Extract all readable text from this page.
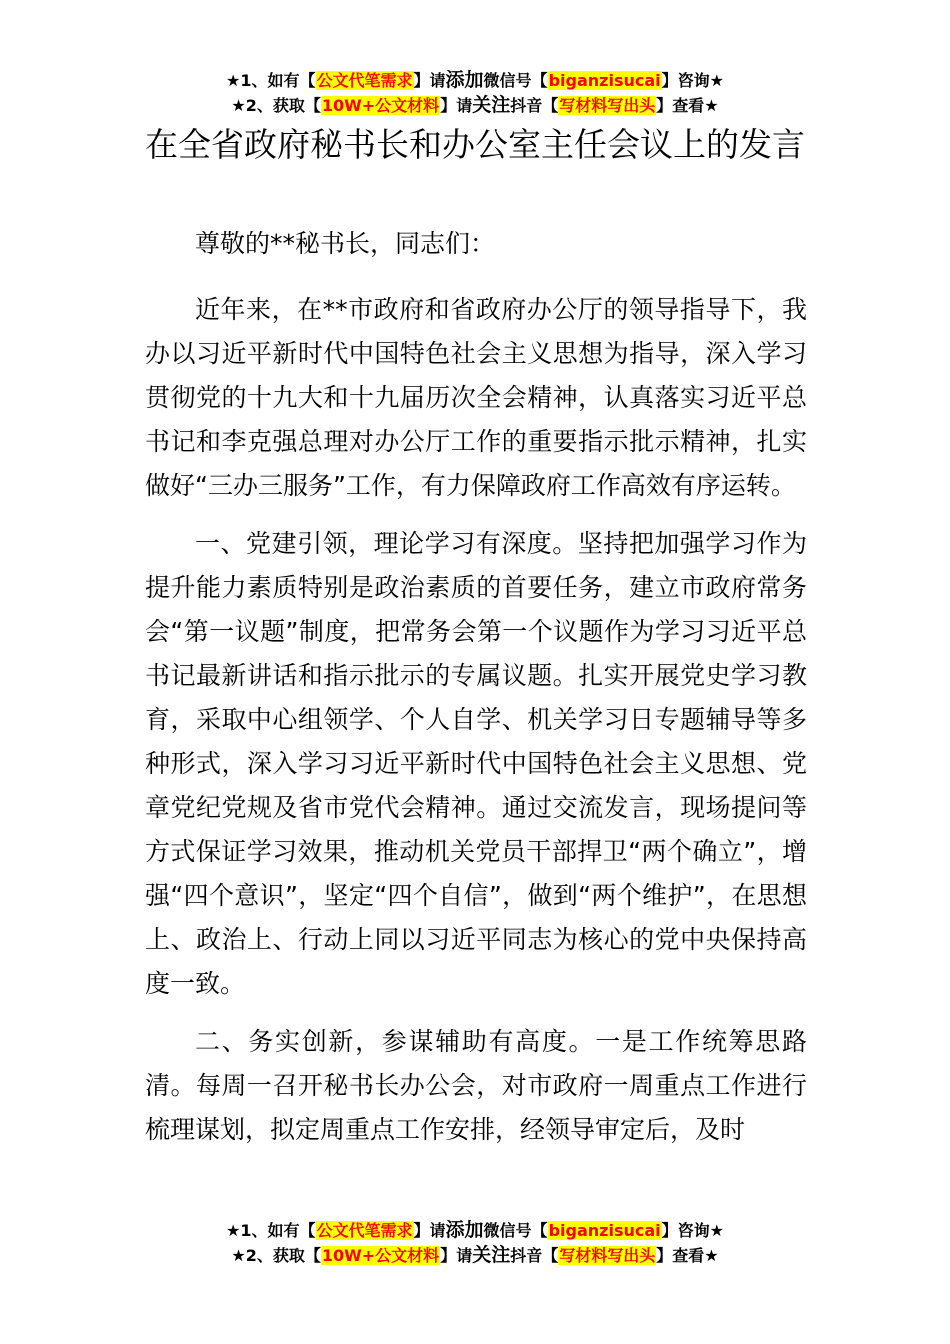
★1、如有【公文代笔需求】请添加微信号【biganzisucai】咨询★
★2、获取【10W+公文材料】请关注抖音【写材料写出头】查看★
在全省政府秘书长和办公室主任会议上的发言

尊敬的**秘书长，同志们：

近年来，在**市政府和省政府办公厅的领导指导下，我办以习近平新时代中国特色社会主义思想为指导，深入学习贯彻党的十九大和十九届历次全会精神，认真落实习近平总书记和李克强总理对办公厅工作的重要指示批示精神，扎实做好“三办三服务”工作，有力保障政府工作高效有序运转。

一、党建引领，理论学习有深度。坚持把加强学习作为提升能力素质特别是政治素质的首要任务，建立市政府常务会“第一议题”制度，把常务会第一个议题作为学习习近平总书记最新讲话和指示批示的专属议题。扎实开展党史学习教育，采取中心组领学、个人自学、机关学习日专题辅导等多种形式，深入学习习近平新时代中国特色社会主义思想、党章党纪党规及省市党代会精神。通过交流发言，现场提问等方式保证学习效果，推动机关党员干部捍卫“两个确立”，增强“四个意识”，坚定“四个自信”，做到“两个维护”，在思想上、政治上、行动上同以习近平同志为核心的党中央保持高度一致。

二、务实创新，参谋辅助有高度。一是工作统筹思路清。每周一召开秘书长办公会，对市政府一周重点工作进行梳理谋划，拟定周重点工作安排，经领导审定后，及时

★1、如有【公文代笔需求】请添加微信号【biganzisucai】咨询★
★2、获取【10W+公文材料】请关注抖音【写材料写出头】查看★
